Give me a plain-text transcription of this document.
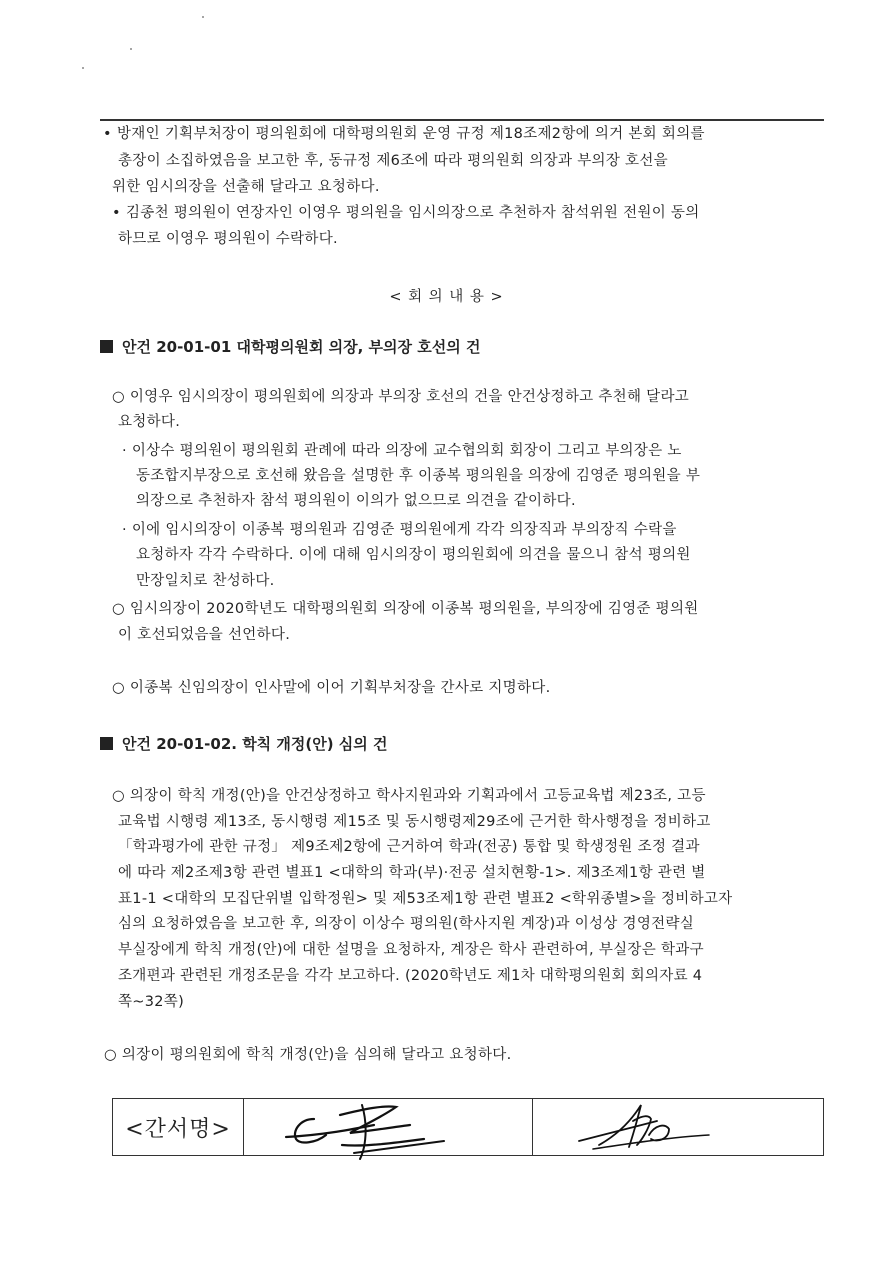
• 방재인 기획부처장이 평의원회에 대학평의원회 운영 규정 제18조제2항에 의거 본회 회의를
총장이 소집하였음을 보고한 후, 동규정 제6조에 따라 평의원회 의장과 부의장 호선을
위한 임시의장을 선출해 달라고 요청하다.
• 김종천 평의원이 연장자인 이영우 평의원을 임시의장으로 추천하자 참석위원 전원이 동의
하므로 이영우 평의원이 수락하다.
< 회 의 내 용 >
안건 20-01-01 대학평의원회 의장, 부의장 호선의 건
○ 이영우 임시의장이 평의원회에 의장과 부의장 호선의 건을 안건상정하고 추천해 달라고
요청하다.
· 이상수 평의원이 평의원회 관례에 따라 의장에 교수협의회 회장이 그리고 부의장은 노
동조합지부장으로 호선해 왔음을 설명한 후 이종복 평의원을 의장에 김영준 평의원을 부
의장으로 추천하자 참석 평의원이 이의가 없으므로 의견을 같이하다.
· 이에 임시의장이 이종복 평의원과 김영준 평의원에게 각각 의장직과 부의장직 수락을
요청하자 각각 수락하다. 이에 대해 임시의장이 평의원회에 의견을 물으니 참석 평의원
만장일치로 찬성하다.
○ 임시의장이 2020학년도 대학평의원회 의장에 이종복 평의원을, 부의장에 김영준 평의원
이 호선되었음을 선언하다.
○ 이종복 신임의장이 인사말에 이어 기획부처장을 간사로 지명하다.
안건 20-01-02. 학칙 개정(안) 심의 건
○ 의장이 학칙 개정(안)을 안건상정하고 학사지원과와 기획과에서 고등교육법 제23조, 고등
교육법 시행령 제13조, 동시행령 제15조 및 동시행령제29조에 근거한 학사행정을 정비하고
「학과평가에 관한 규정」 제9조제2항에 근거하여 학과(전공) 통합 및 학생정원 조정 결과
에 따라 제2조제3항 관련 별표1 <대학의 학과(부)·전공 설치현황-1>. 제3조제1항 관련 별
표1-1 <대학의 모집단위별 입학정원> 및 제53조제1항 관련 별표2 <학위종별>을 정비하고자
심의 요청하였음을 보고한 후, 의장이 이상수 평의원(학사지원 계장)과 이성상 경영전략실
부실장에게 학칙 개정(안)에 대한 설명을 요청하자, 계장은 학사 관련하여, 부실장은 학과구
조개편과 관련된 개정조문을 각각 보고하다. (2020학년도 제1차 대학평의원회 회의자료 4
쪽~32쪽)
○ 의장이 평의원회에 학칙 개정(안)을 심의해 달라고 요청하다.
<간서명>
